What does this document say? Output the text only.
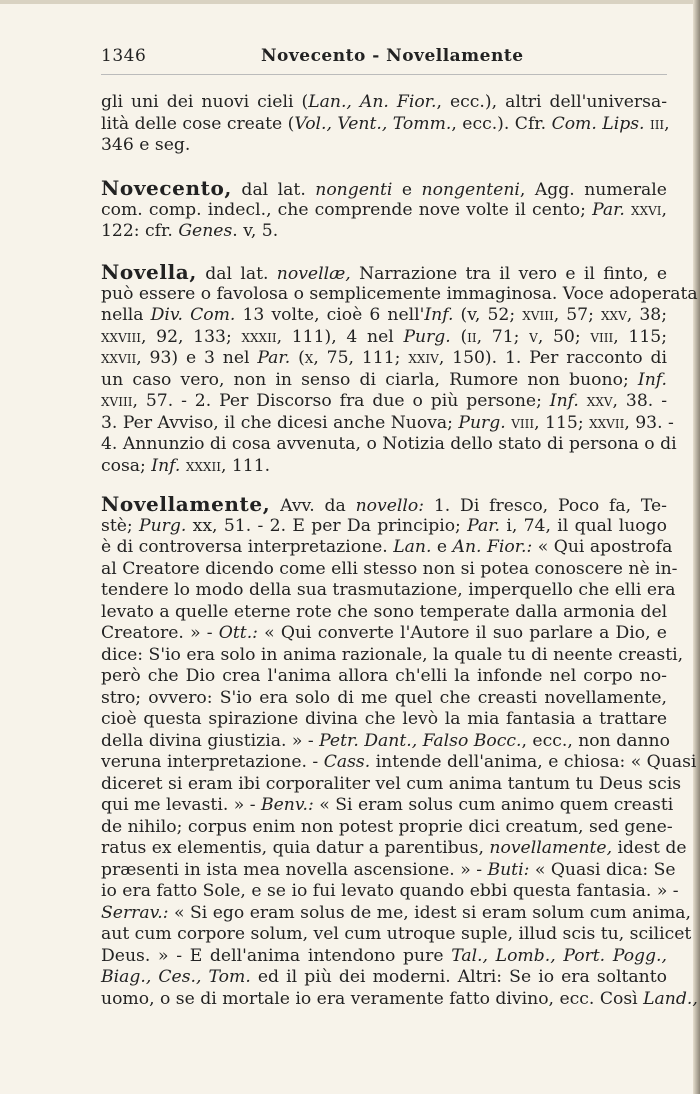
1346	Novecento - Novellamente
gli uni dei nuovi cieli (Lan., An. Fior., ecc.), altri dell'universa-
lità delle cose create (Vol., Vent., Tomm., ecc.). Cfr. Com. Lips. iii,
346 e seg.
Novecento, dal lat. nongenti e nongenteni, Agg. numerale
com. comp. indecl., che comprende nove volte il cento; Par. xxvi,
122: cfr. Genes. v, 5.
Novella, dal lat. novellæ, Narrazione tra il vero e il finto, e
può essere o favolosa o semplicemente immaginosa. Voce adoperata
nella Div. Com. 13 volte, cioè 6 nell'Inf. (v, 52; xviii, 57; xxv, 38;
xxviii, 92, 133; xxxii, 111), 4 nel Purg. (ii, 71; v, 50; viii, 115;
xxvii, 93) e 3 nel Par. (x, 75, 111; xxiv, 150). 1. Per racconto di
un caso vero, non in senso di ciarla, Rumore non buono; Inf.
xviii, 57. - 2. Per Discorso fra due o più persone; Inf. xxv, 38. -
3. Per Avviso, il che dicesi anche Nuova; Purg. viii, 115; xxvii, 93. -
4. Annunzio di cosa avvenuta, o Notizia dello stato di persona o di
cosa; Inf. xxxii, 111.
Novellamente, Avv. da novello: 1. Di fresco, Poco fa, Te-
stè; Purg. xx, 51. - 2. E per Da principio; Par. i, 74, il qual luogo
è di controversa interpretazione. Lan. e An. Fior.: « Qui apostrofa
al Creatore dicendo come elli stesso non si potea conoscere nè in-
tendere lo modo della sua trasmutazione, imperquello che elli era
levato a quelle eterne rote che sono temperate dalla armonia del
Creatore. » - Ott.: « Qui converte l'Autore il suo parlare a Dio, e
dice: S'io era solo in anima razionale, la quale tu di neente creasti,
però che Dio crea l'anima allora ch'elli la infonde nel corpo no-
stro; ovvero: S'io era solo di me quel che creasti novellamente,
cioè questa spirazione divina che levò la mia fantasia a trattare
della divina giustizia. » - Petr. Dant., Falso Bocc., ecc., non danno
veruna interpretazione. - Cass. intende dell'anima, e chiosa: « Quasi
diceret si eram ibi corporaliter vel cum anima tantum tu Deus scis
qui me levasti. » - Benv.: « Si eram solus cum animo quem creasti
de nihilo; corpus enim non potest proprie dici creatum, sed gene-
ratus ex elementis, quia datur a parentibus, novellamente, idest de
præsenti in ista mea novella ascensione. » - Buti: « Quasi dica: Se
io era fatto Sole, e se io fui levato quando ebbi questa fantasia. » -
Serrav.: « Si ego eram solus de me, idest si eram solum cum anima,
aut cum corpore solum, vel cum utroque suple, illud scis tu, scilicet
Deus. » - E dell'anima intendono pure Tal., Lomb., Port. Pogg.,
Biag., Ces., Tom. ed il più dei moderni. Altri: Se io era soltanto
uomo, o se di mortale io era veramente fatto divino, ecc. Così Land.,
